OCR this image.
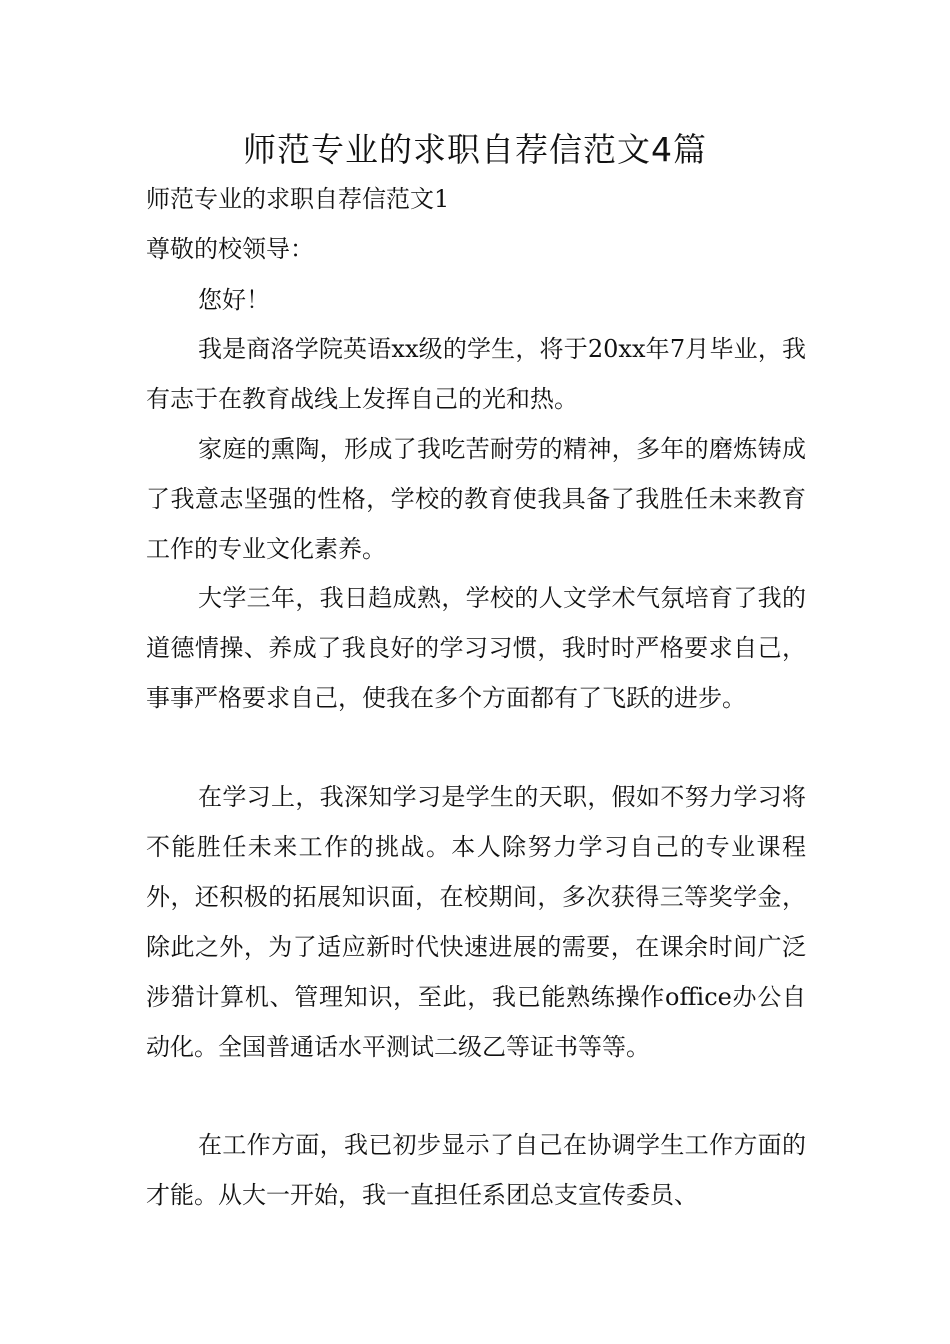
师范专业的求职自荐信范文4篇

师范专业的求职自荐信范文1

尊敬的校领导：

您好！

我是商洛学院英语xx级的学生，将于20xx年7月毕业，我有志于在教育战线上发挥自己的光和热。

家庭的熏陶，形成了我吃苦耐劳的精神，多年的磨炼铸成了我意志坚强的性格，学校的教育使我具备了我胜任未来教育工作的专业文化素养。

大学三年，我日趋成熟，学校的人文学术气氛培育了我的道德情操、养成了我良好的学习习惯，我时时严格要求自己，事事严格要求自己，使我在多个方面都有了飞跃的进步。

在学习上，我深知学习是学生的天职，假如不努力学习将不能胜任未来工作的挑战。本人除努力学习自己的专业课程外，还积极的拓展知识面，在校期间，多次获得三等奖学金，除此之外，为了适应新时代快速进展的需要，在课余时间广泛涉猎计算机、管理知识，至此，我已能熟练操作office办公自动化。全国普通话水平测试二级乙等证书等等。

在工作方面，我已初步显示了自己在协调学生工作方面的才能。从大一开始，我一直担任系团总支宣传委员、
